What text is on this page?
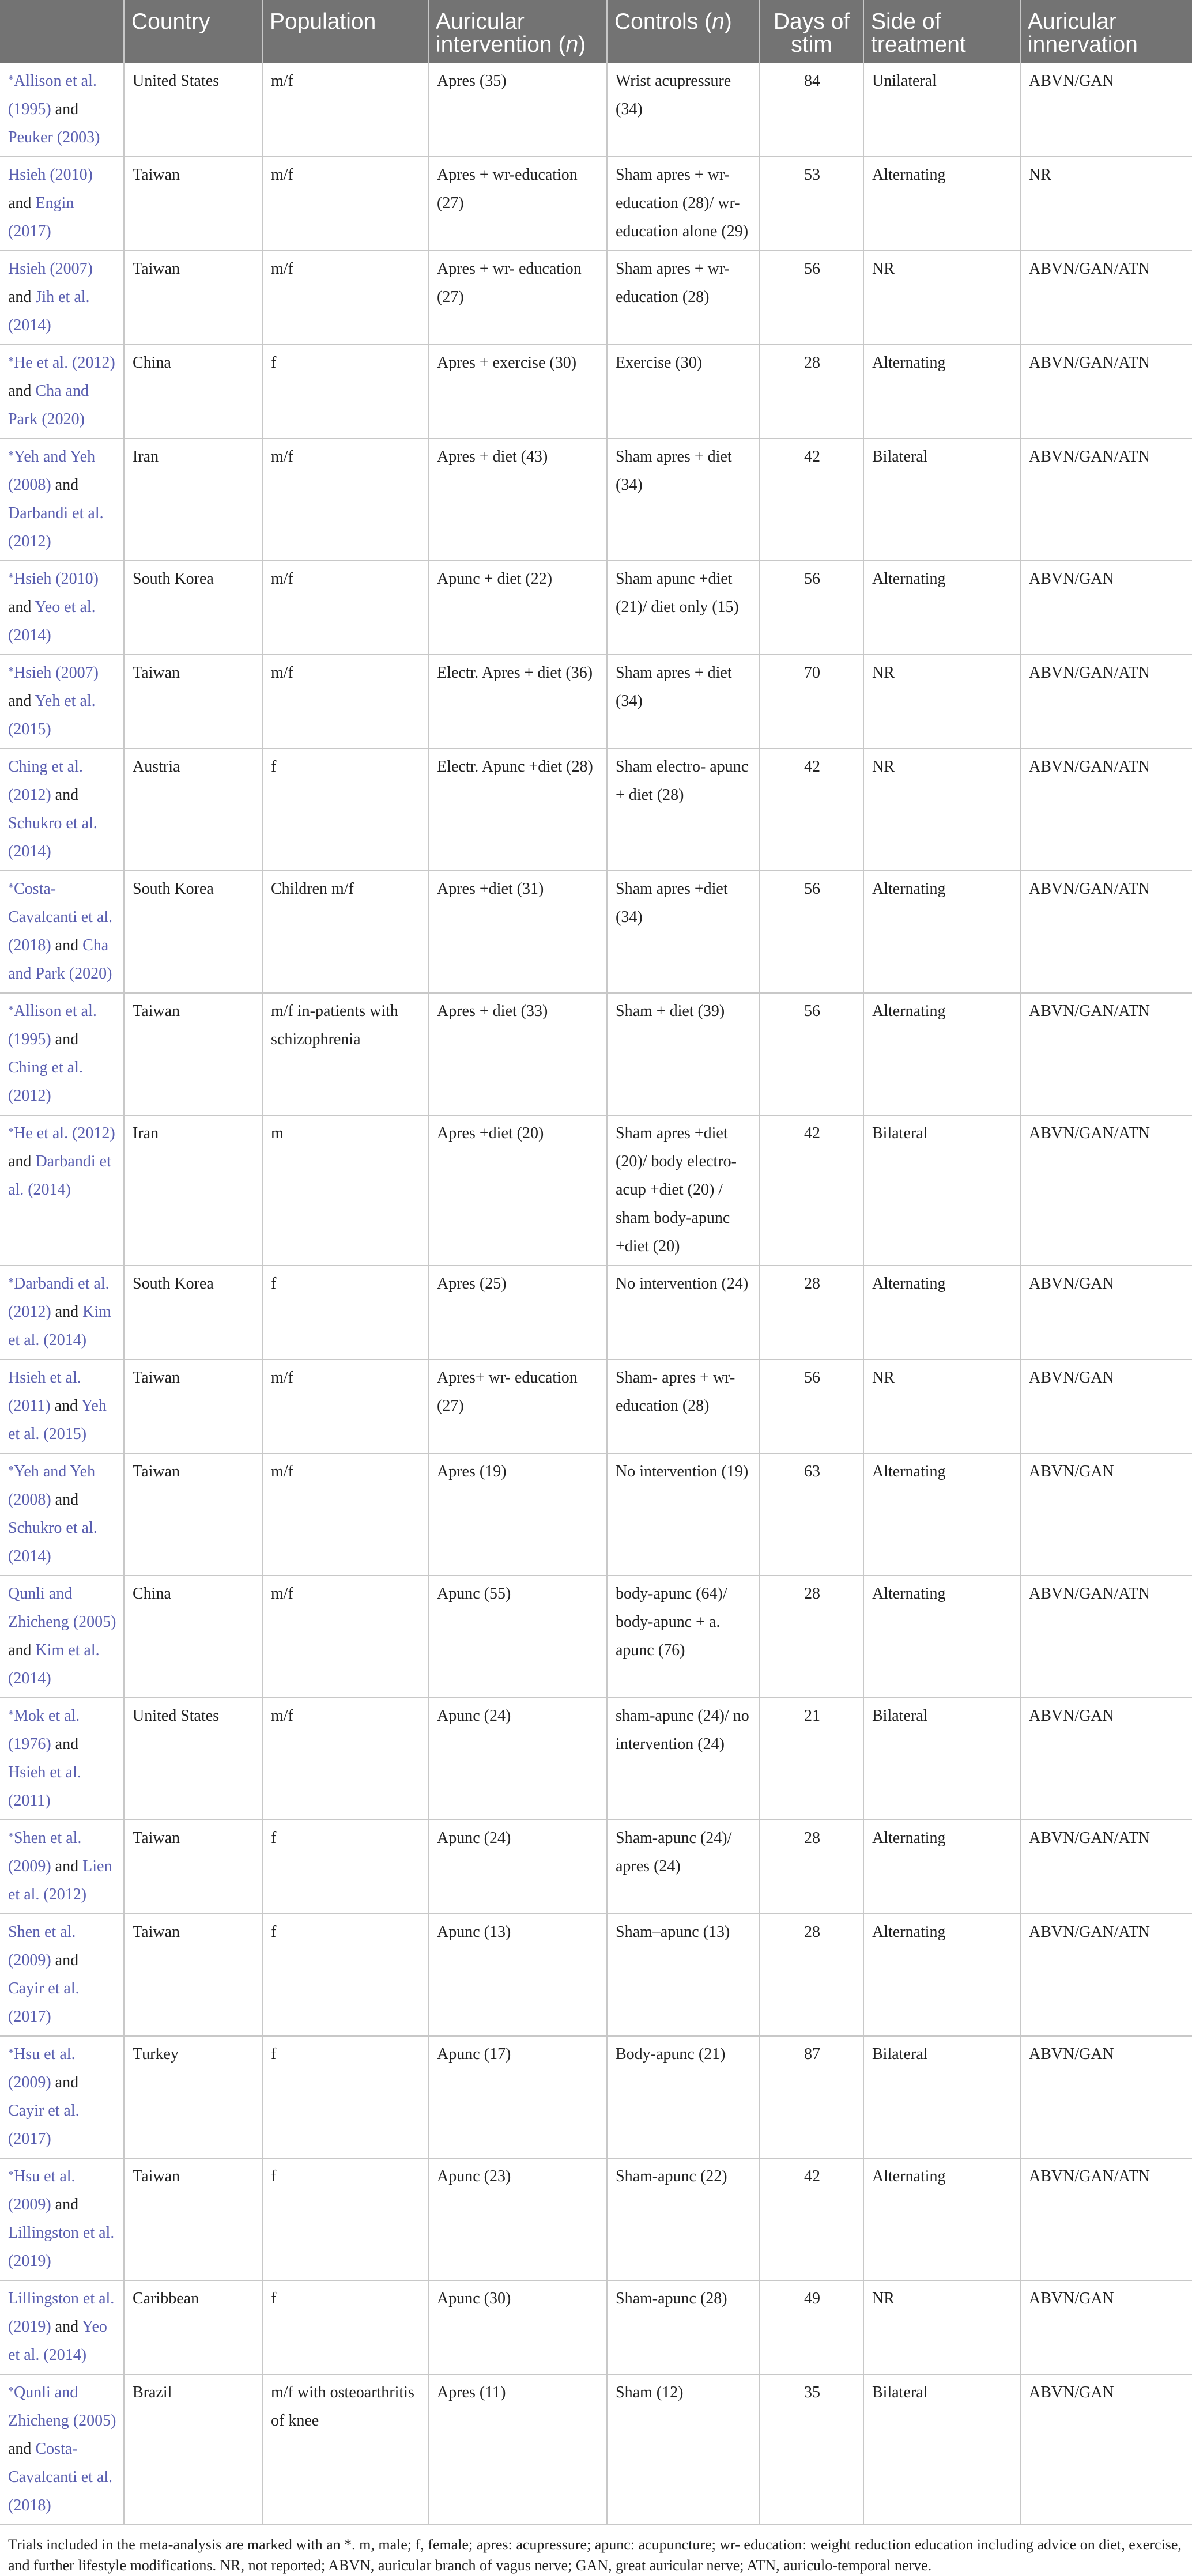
	Country	Population	Auricular intervention (n)	Controls (n)	Days of stim	Side of treatment	Auricular innervation
*Allison et al. (1995) and Peuker (2003)	United States	m/f	Apres (35)	Wrist acupressure (34)	84	Unilateral	ABVN/GAN
Hsieh (2010) and Engin (2017)	Taiwan	m/f	Apres + wr-education (27)	Sham apres + wr- education (28)/ wr- education alone (29)	53	Alternating	NR
Hsieh (2007) and Jih et al. (2014)	Taiwan	m/f	Apres + wr- education (27)	Sham apres + wr- education (28)	56	NR	ABVN/GAN/ATN
*He et al. (2012) and Cha and Park (2020)	China	f	Apres + exercise (30)	Exercise (30)	28	Alternating	ABVN/GAN/ATN
*Yeh and Yeh (2008) and Darbandi et al. (2012)	Iran	m/f	Apres + diet (43)	Sham apres + diet (34)	42	Bilateral	ABVN/GAN/ATN
*Hsieh (2010) and Yeo et al. (2014)	South Korea	m/f	Apunc + diet (22)	Sham apunc +diet (21)/ diet only (15)	56	Alternating	ABVN/GAN
*Hsieh (2007) and Yeh et al. (2015)	Taiwan	m/f	Electr. Apres + diet (36)	Sham apres + diet (34)	70	NR	ABVN/GAN/ATN
Ching et al. (2012) and Schukro et al. (2014)	Austria	f	Electr. Apunc +diet (28)	Sham electro- apunc + diet (28)	42	NR	ABVN/GAN/ATN
*Costa-Cavalcanti et al. (2018) and Cha and Park (2020)	South Korea	Children m/f	Apres +diet (31)	Sham apres +diet (34)	56	Alternating	ABVN/GAN/ATN
*Allison et al. (1995) and Ching et al. (2012)	Taiwan	m/f in-patients with schizophrenia	Apres + diet (33)	Sham + diet (39)	56	Alternating	ABVN/GAN/ATN
*He et al. (2012) and Darbandi et al. (2014)	Iran	m	Apres +diet (20)	Sham apres +diet (20)/ body electro- acup +diet (20) / sham body-apunc +diet (20)	42	Bilateral	ABVN/GAN/ATN
*Darbandi et al. (2012) and Kim et al. (2014)	South Korea	f	Apres (25)	No intervention (24)	28	Alternating	ABVN/GAN
Hsieh et al. (2011) and Yeh et al. (2015)	Taiwan	m/f	Apres+ wr- education (27)	Sham- apres + wr- education (28)	56	NR	ABVN/GAN
*Yeh and Yeh (2008) and Schukro et al. (2014)	Taiwan	m/f	Apres (19)	No intervention (19)	63	Alternating	ABVN/GAN
Qunli and Zhicheng (2005) and Kim et al. (2014)	China	m/f	Apunc (55)	body-apunc (64)/ body-apunc + a. apunc (76)	28	Alternating	ABVN/GAN/ATN
*Mok et al. (1976) and Hsieh et al. (2011)	United States	m/f	Apunc (24)	sham-apunc (24)/ no intervention (24)	21	Bilateral	ABVN/GAN
*Shen et al. (2009) and Lien et al. (2012)	Taiwan	f	Apunc (24)	Sham-apunc (24)/ apres (24)	28	Alternating	ABVN/GAN/ATN
Shen et al. (2009) and Cayir et al. (2017)	Taiwan	f	Apunc (13)	Sham–apunc (13)	28	Alternating	ABVN/GAN/ATN
*Hsu et al. (2009) and Cayir et al. (2017)	Turkey	f	Apunc (17)	Body-apunc (21)	87	Bilateral	ABVN/GAN
*Hsu et al. (2009) and Lillingston et al. (2019)	Taiwan	f	Apunc (23)	Sham-apunc (22)	42	Alternating	ABVN/GAN/ATN
Lillingston et al. (2019) and Yeo et al. (2014)	Caribbean	f	Apunc (30)	Sham-apunc (28)	49	NR	ABVN/GAN
*Qunli and Zhicheng (2005) and Costa-Cavalcanti et al. (2018)	Brazil	m/f with osteoarthritis of knee	Apres (11)	Sham (12)	35	Bilateral	ABVN/GAN
Trials included in the meta-analysis are marked with an *. m, male; f, female; apres: acupressure; apunc: acupuncture; wr- education: weight reduction education including advice on diet, exercise, and further lifestyle modifications. NR, not reported; ABVN, auricular branch of vagus nerve; GAN, great auricular nerve; ATN, auriculo-temporal nerve.
